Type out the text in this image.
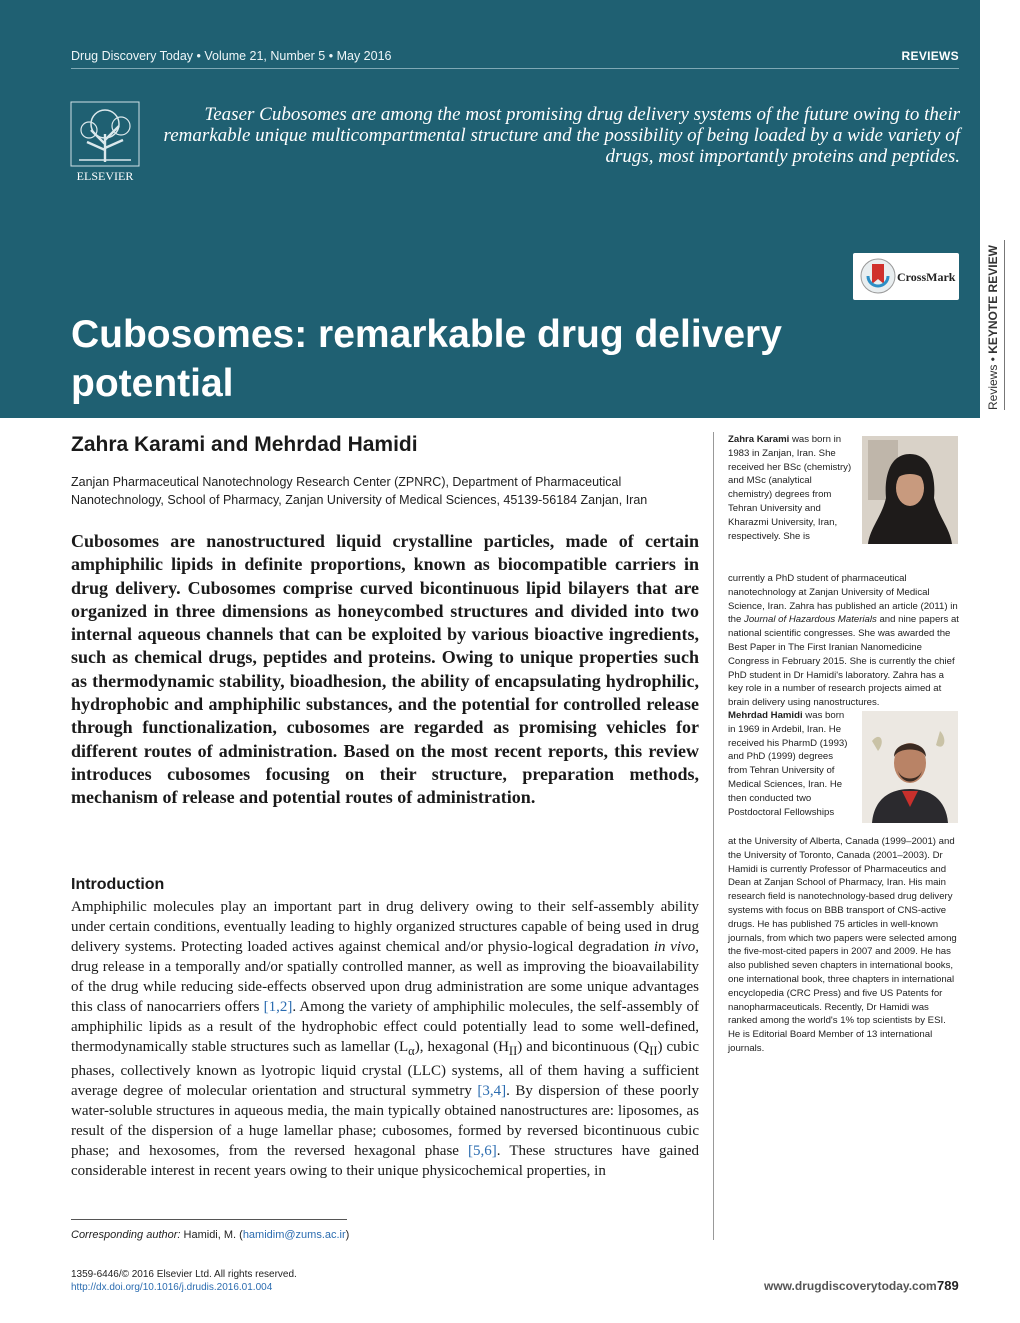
Drug Discovery Today • Volume 21, Number 5 • May 2016	REVIEWS
ELSEVIER
Teaser Cubosomes are among the most promising drug delivery systems of the future owing to their remarkable unique multicompartmental structure and the possibility of being loaded by a wide variety of drugs, most importantly proteins and peptides.
CrossMark
Cubosomes: remarkable drug delivery potential	Reviews • KEYNOTE REVIEW
Zahra Karami and Mehrdad Hamidi
Zanjan Pharmaceutical Nanotechnology Research Center (ZPNRC), Department of Pharmaceutical Nanotechnology, School of Pharmacy, Zanjan University of Medical Sciences, 45139-56184 Zanjan, Iran
Cubosomes are nanostructured liquid crystalline particles, made of certain amphiphilic lipids in definite proportions, known as biocompatible carriers in drug delivery. Cubosomes comprise curved bicontinuous lipid bilayers that are organized in three dimensions as honeycombed structures and divided into two internal aqueous channels that can be exploited by various bioactive ingredients, such as chemical drugs, peptides and proteins. Owing to unique properties such as thermodynamic stability, bioadhesion, the ability of encapsulating hydrophilic, hydrophobic and amphiphilic substances, and the potential for controlled release through functionalization, cubosomes are regarded as promising vehicles for different routes of administration. Based on the most recent reports, this review introduces cubosomes focusing on their structure, preparation methods, mechanism of release and potential routes of administration.
Introduction
Amphiphilic molecules play an important part in drug delivery owing to their self-assembly ability under certain conditions, eventually leading to highly organized structures capable of being used in drug delivery systems. Protecting loaded actives against chemical and/or physio-logical degradation in vivo, drug release in a temporally and/or spatially controlled manner, as well as improving the bioavailability of the drug while reducing side-effects observed upon drug administration are some unique advantages this class of nanocarriers offers [1,2]. Among the variety of amphiphilic molecules, the self-assembly of amphiphilic lipids as a result of the hydrophobic effect could potentially lead to some well-defined, thermodynamically stable structures such as lamellar $(L_\alpha)$, hexagonal $(H_{II})$ and bicontinuous $(Q_{II})$ cubic phases, collectively known as lyotropic liquid crystal (LLC) systems, all of them having a sufficient average degree of molecular orientation and structural symmetry [3,4]. By dispersion of these poorly water-soluble structures in aqueous media, the main typically obtained nanostructures are: liposomes, as result of the dispersion of a huge lamellar phase; cubosomes, formed by reversed bicontinuous cubic phase; and hexosomes, from the reversed hexagonal phase [5,6]. These structures have gained considerable interest in recent years owing to their unique physicochemical properties, in
Zahra Karami was born in 1983 in Zanjan, Iran. She received her BSc (chemistry) and MSc (analytical chemistry) degrees from Tehran University and Kharazmi University, Iran, respectively. She is
currently a PhD student of pharmaceutical nanotechnology at Zanjan University of Medical Science, Iran. Zahra has published an article (2011) in the Journal of Hazardous Materials and nine papers at national scientific congresses. She was awarded the Best Paper in The First Iranian Nanomedicine Congress in February 2015. She is currently the chief PhD student in Dr Hamidi's laboratory. Zahra has a key role in a number of research projects aimed at brain delivery using nanostructures.
Mehrdad Hamidi was born in 1969 in Ardebil, Iran. He received his PharmD (1993) and PhD (1999) degrees from Tehran University of Medical Sciences, Iran. He then conducted two Postdoctoral Fellowships
at the University of Alberta, Canada (1999–2001) and the University of Toronto, Canada (2001–2003). Dr Hamidi is currently Professor of Pharmaceutics and Dean at Zanjan School of Pharmacy, Iran. His main research field is nanotechnology-based drug delivery systems with focus on BBB transport of CNS-active drugs. He has published 75 articles in well-known journals, from which two papers were selected among the five-most-cited papers in 2007 and 2009. He has also published seven chapters in international books, one international book, three chapters in international encyclopedia (CRC Press) and five US Patents for nanopharmaceuticals. Recently, Dr Hamidi was ranked among the world's 1% top scientists by ESI. He is Editorial Board Member of 13 international journals.
Corresponding author: Hamidi, M. (hamidim@zums.ac.ir)
1359-6446/© 2016 Elsevier Ltd. All rights reserved.
http://dx.doi.org/10.1016/j.drudis.2016.01.004	www.drugdiscoverytoday.com 789
